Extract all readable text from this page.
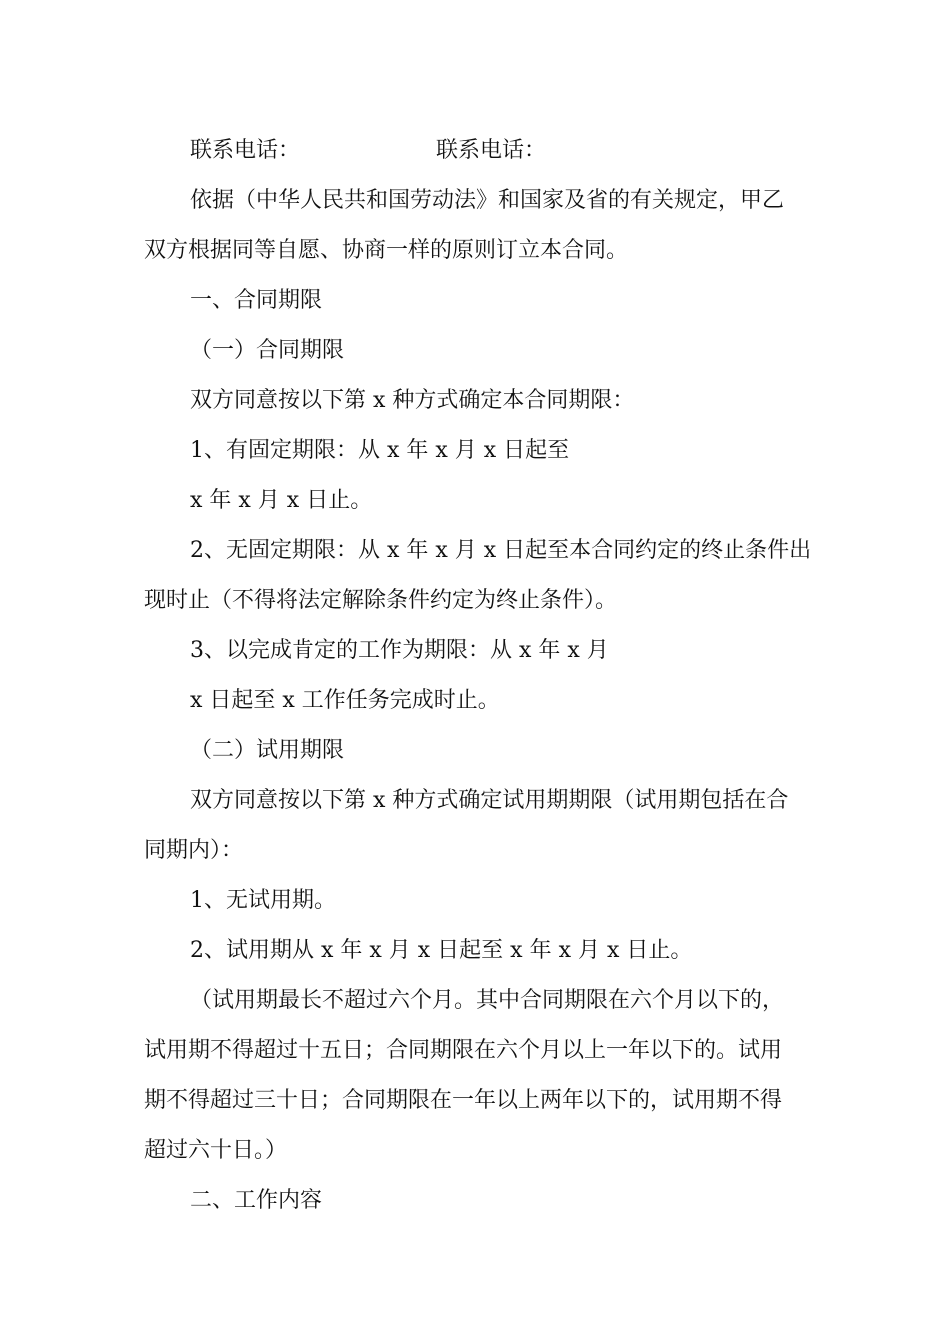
联系电话：	联系电话：
依据（中华人民共和国劳动法》和国家及省的有关规定，甲乙
双方根据同等自愿、协商一样的原则订立本合同。
一、合同期限
（一）合同期限
双方同意按以下第 x 种方式确定本合同期限：
1、有固定期限：从 x 年 x 月 x 日起至
x 年 x 月 x 日止。
2、无固定期限：从 x 年 x 月 x 日起至本合同约定的终止条件出
现时止（不得将法定解除条件约定为终止条件）。
3、以完成肯定的工作为期限：从 x 年 x 月
x 日起至 x 工作任务完成时止。
（二）试用期限
双方同意按以下第 x 种方式确定试用期期限（试用期包括在合
同期内）：
1、无试用期。
2、试用期从 x 年 x 月 x 日起至 x 年 x 月 x 日止。
（试用期最长不超过六个月。其中合同期限在六个月以下的，
试用期不得超过十五日；合同期限在六个月以上一年以下的。试用
期不得超过三十日；合同期限在一年以上两年以下的，试用期不得
超过六十日。）
二、工作内容
